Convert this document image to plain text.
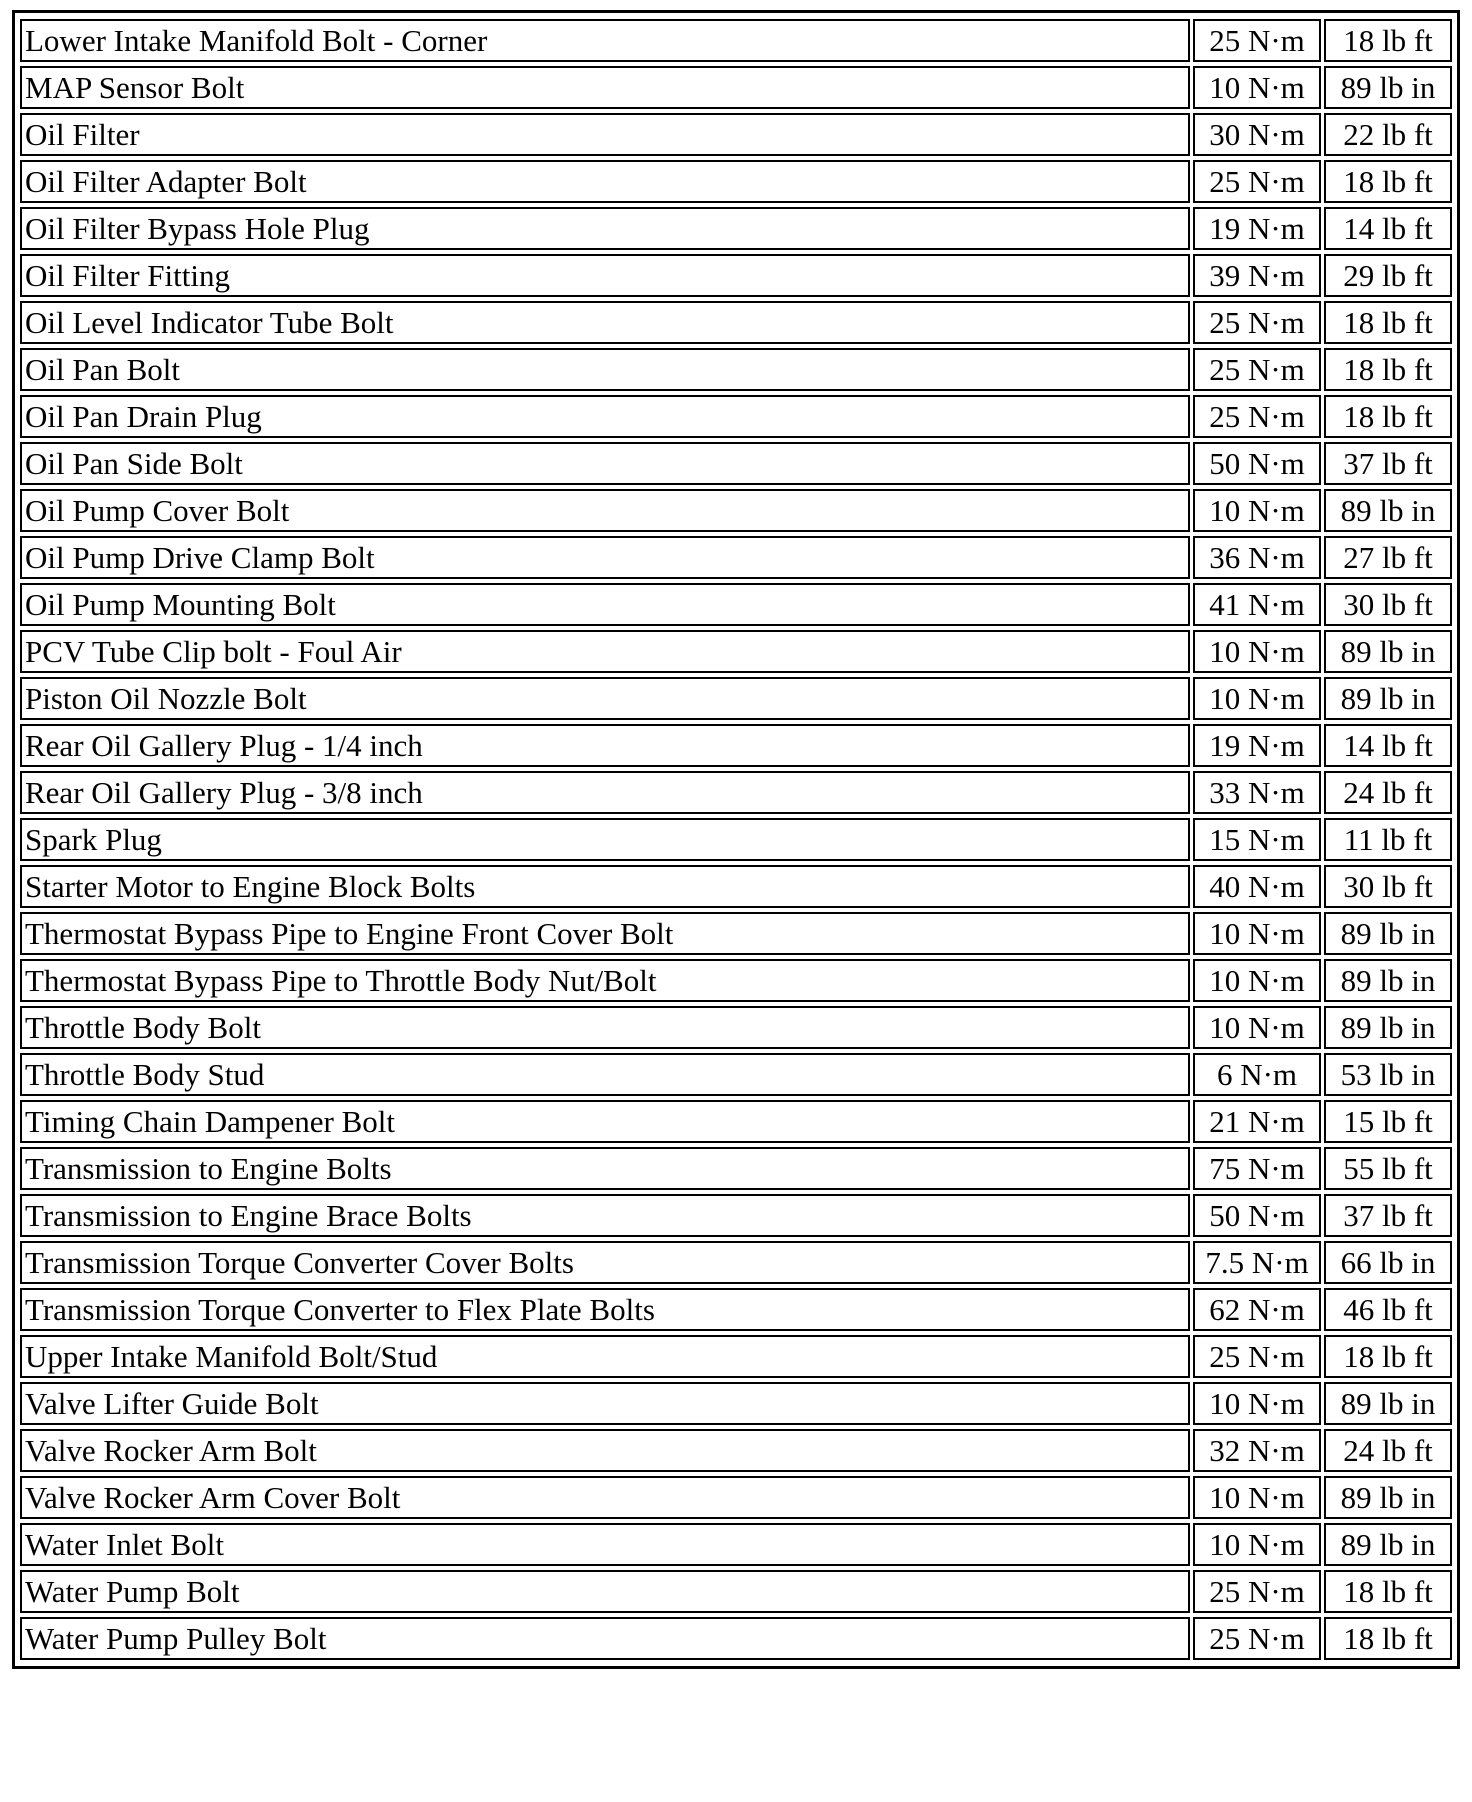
Lower Intake Manifold Bolt - Corner	25 N·m	18 lb ft
MAP Sensor Bolt	10 N·m	89 lb in
Oil Filter	30 N·m	22 lb ft
Oil Filter Adapter Bolt	25 N·m	18 lb ft
Oil Filter Bypass Hole Plug	19 N·m	14 lb ft
Oil Filter Fitting	39 N·m	29 lb ft
Oil Level Indicator Tube Bolt	25 N·m	18 lb ft
Oil Pan Bolt	25 N·m	18 lb ft
Oil Pan Drain Plug	25 N·m	18 lb ft
Oil Pan Side Bolt	50 N·m	37 lb ft
Oil Pump Cover Bolt	10 N·m	89 lb in
Oil Pump Drive Clamp Bolt	36 N·m	27 lb ft
Oil Pump Mounting Bolt	41 N·m	30 lb ft
PCV Tube Clip bolt - Foul Air	10 N·m	89 lb in
Piston Oil Nozzle Bolt	10 N·m	89 lb in
Rear Oil Gallery Plug - 1/4 inch	19 N·m	14 lb ft
Rear Oil Gallery Plug - 3/8 inch	33 N·m	24 lb ft
Spark Plug	15 N·m	11 lb ft
Starter Motor to Engine Block Bolts	40 N·m	30 lb ft
Thermostat Bypass Pipe to Engine Front Cover Bolt	10 N·m	89 lb in
Thermostat Bypass Pipe to Throttle Body Nut/Bolt	10 N·m	89 lb in
Throttle Body Bolt	10 N·m	89 lb in
Throttle Body Stud	6 N·m	53 lb in
Timing Chain Dampener Bolt	21 N·m	15 lb ft
Transmission to Engine Bolts	75 N·m	55 lb ft
Transmission to Engine Brace Bolts	50 N·m	37 lb ft
Transmission Torque Converter Cover Bolts	7.5 N·m	66 lb in
Transmission Torque Converter to Flex Plate Bolts	62 N·m	46 lb ft
Upper Intake Manifold Bolt/Stud	25 N·m	18 lb ft
Valve Lifter Guide Bolt	10 N·m	89 lb in
Valve Rocker Arm Bolt	32 N·m	24 lb ft
Valve Rocker Arm Cover Bolt	10 N·m	89 lb in
Water Inlet Bolt	10 N·m	89 lb in
Water Pump Bolt	25 N·m	18 lb ft
Water Pump Pulley Bolt	25 N·m	18 lb ft
